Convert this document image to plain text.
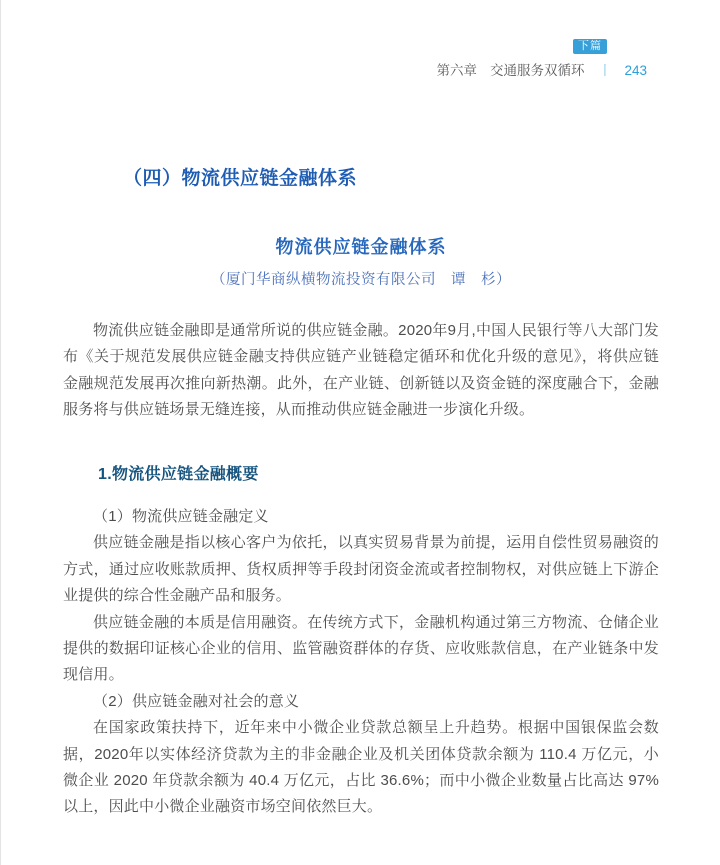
下篇
第六章 交通服务双循环 丨 243
（四）物流供应链金融体系
物流供应链金融体系
（厦门华商纵横物流投资有限公司　谭　杉）

物流供应链金融即是通常所说的供应链金融。2020年9月,中国人民银行等八大部门发布《关于规范发展供应链金融支持供应链产业链稳定循环和优化升级的意见》，将供应链金融规范发展再次推向新热潮。此外，在产业链、创新链以及资金链的深度融合下，金融服务将与供应链场景无缝连接，从而推动供应链金融进一步演化升级。

1.物流供应链金融概要

（1）物流供应链金融定义

供应链金融是指以核心客户为依托，以真实贸易背景为前提，运用自偿性贸易融资的方式，通过应收账款质押、货权质押等手段封闭资金流或者控制物权，对供应链上下游企业提供的综合性金融产品和服务。

供应链金融的本质是信用融资。在传统方式下，金融机构通过第三方物流、仓储企业提供的数据印证核心企业的信用、监管融资群体的存货、应收账款信息，在产业链条中发现信用。

（2）供应链金融对社会的意义

在国家政策扶持下，近年来中小微企业贷款总额呈上升趋势。根据中国银保监会数据，2020年以实体经济贷款为主的非金融企业及机关团体贷款余额为 110.4 万亿元，小微企业 2020 年贷款余额为 40.4 万亿元，占比 36.6%；而中小微企业数量占比高达 97% 以上，因此中小微企业融资市场空间依然巨大。
